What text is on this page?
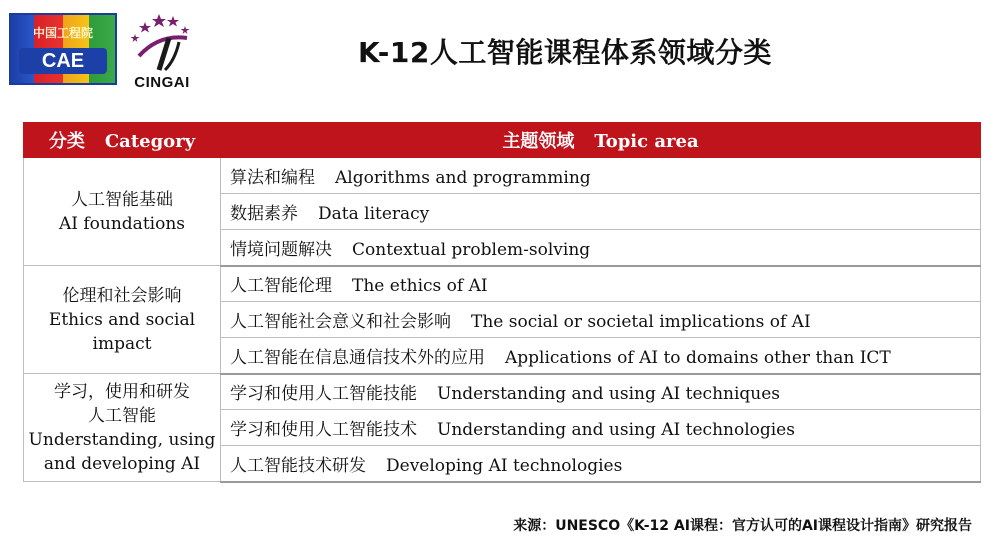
中国工程院
CAE
CINGAI
K-12人工智能课程体系领域分类
分类 Category	主题领域 Topic area

人工智能基础
AI foundations	算法和编程 Algorithms and programming
	数据素养 Data literacy
	情境问题解决 Contextual problem-solving

伦理和社会影响
Ethics and social
impact	人工智能伦理 The ethics of AI
	人工智能社会意义和社会影响 The social or societal implications of AI
	人工智能在信息通信技术外的应用 Applications of AI to domains other than ICT

学习，使用和研发
人工智能
Understanding, using
and developing AI	学习和使用人工智能技能 Understanding and using AI techniques
	学习和使用人工智能技术 Understanding and using AI technologies
	人工智能技术研发 Developing AI technologies
来源：UNESCO《K-12 AI课程：官方认可的AI课程设计指南》研究报告
